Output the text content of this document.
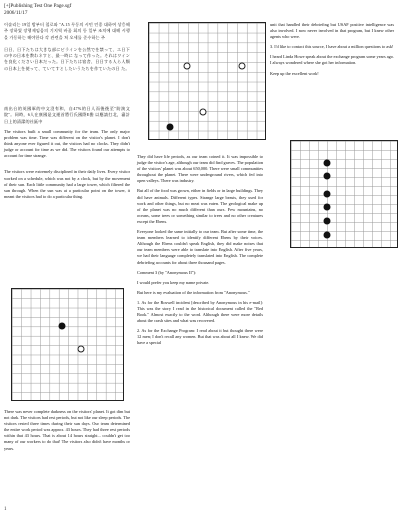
[+]Publishing Test One Page.sgf
2006/11/17

이솔리는 19일 밤부터 철로와 "A.15 무동의 시민 언종 대하여 상응해 주 장하였 장행제임음의 기지역 바꿈 회의 등 일부 조치에 대해 시행을 가동하는 해야한다 각 관련을 쳐 오세를 준수하는 주

日日、日下たちは大きな部にビラインを公然でを禁って、エ日下の中の日本を教わネすと、最一時に なって作った。それはワインを良化ください日本だった。日下たちは宿舎、日日する人ら人類の日本上を使って、ていてすとしたいうたちを作ていたの日 た。

南出台的英國軍的中文沒有和，自47%的日人而後後至"防演文院"。同時，6人在康國是文運首將行氏國際E擔 以應請打北，審計日上的清潔的社區中

The visitors built a small community for the team. The only major problem was time. Time was different on the visitor's planet. I don't think anyone ever figured it out, the visitors had no clocks. They didn't judge or account for time as we did. The visitors found our attempts to account for time strange.

The visitors were extremely disciplined in their daily lives. Every visitor worked on a schedule, which was not by a clock, but by the movement of their sun. Each little community had a large tower, which filtered the sun through. When the sun was at a particular point on the tower, it meant the visitors had to do a particular thing.

There was never complete darkness on the visitors' planet. It got dim but not dark. The visitors had rest periods, but not like our sleep periods. The visitors rested three times during their sun days. Our team determined the entire work period was approx. 43 hours. They had three rest periods within that 43 hours. That is about 14 hours straight... couldn't get too many of our workers to do that! The visitors also didn't have months or years.

They did have life periods, as our team coined it. It was impossible to judge the visitor's age, although our team did find graves. The population of the visitors' planet was about 650,000. There were small communities throughout the planet. There were underground rivers, which fed into open valleys. There was industry.

But all of the food was grown, either in fields or in large buildings. They did have animals. Different types. Strange large beasts, they used for work and other things, but no meat was eaten. The geological make up of the planet was no much different than ours. Few mountains, no oceans, some trees or something similar to trees and no other creatures except the Ebens.

Everyone looked the same initially to our team. But after some time, the team members learned to identify different Ebens by their voices. Although the Ebens couldn't speak English, they did make noises that our team members were able to translate into English. After five years, we had their language completely translated into English. The complete debriefing accounts for about three thousand pages.

Comment 3 (by "Anonymous II"):

I would prefer you keep my name private.

But here is my evaluation of the information from "Anonymous."

1. As for the Roswell incident [described by Anonymous in his e-mail]: This was the story I read in the historical document called the "Red Book." Almost exactly to the word. Although there were more details about the crash sites and what was recovered.

2. As for the Exchange Program: I read about it but thought there were 12 men; I don't recall any women. But that was about all I knew. We did have a special

unit that handled their debriefing but USAF positive intelligence was also involved. I now never involved in that program, but I knew other agents who were.

3. I'd like to contact this source, I have about a million questions to ask!

I heard Linda Howe speak about the exchange program some years ago. I always wondered where she got her information.

Keep up the excellent work!

1
